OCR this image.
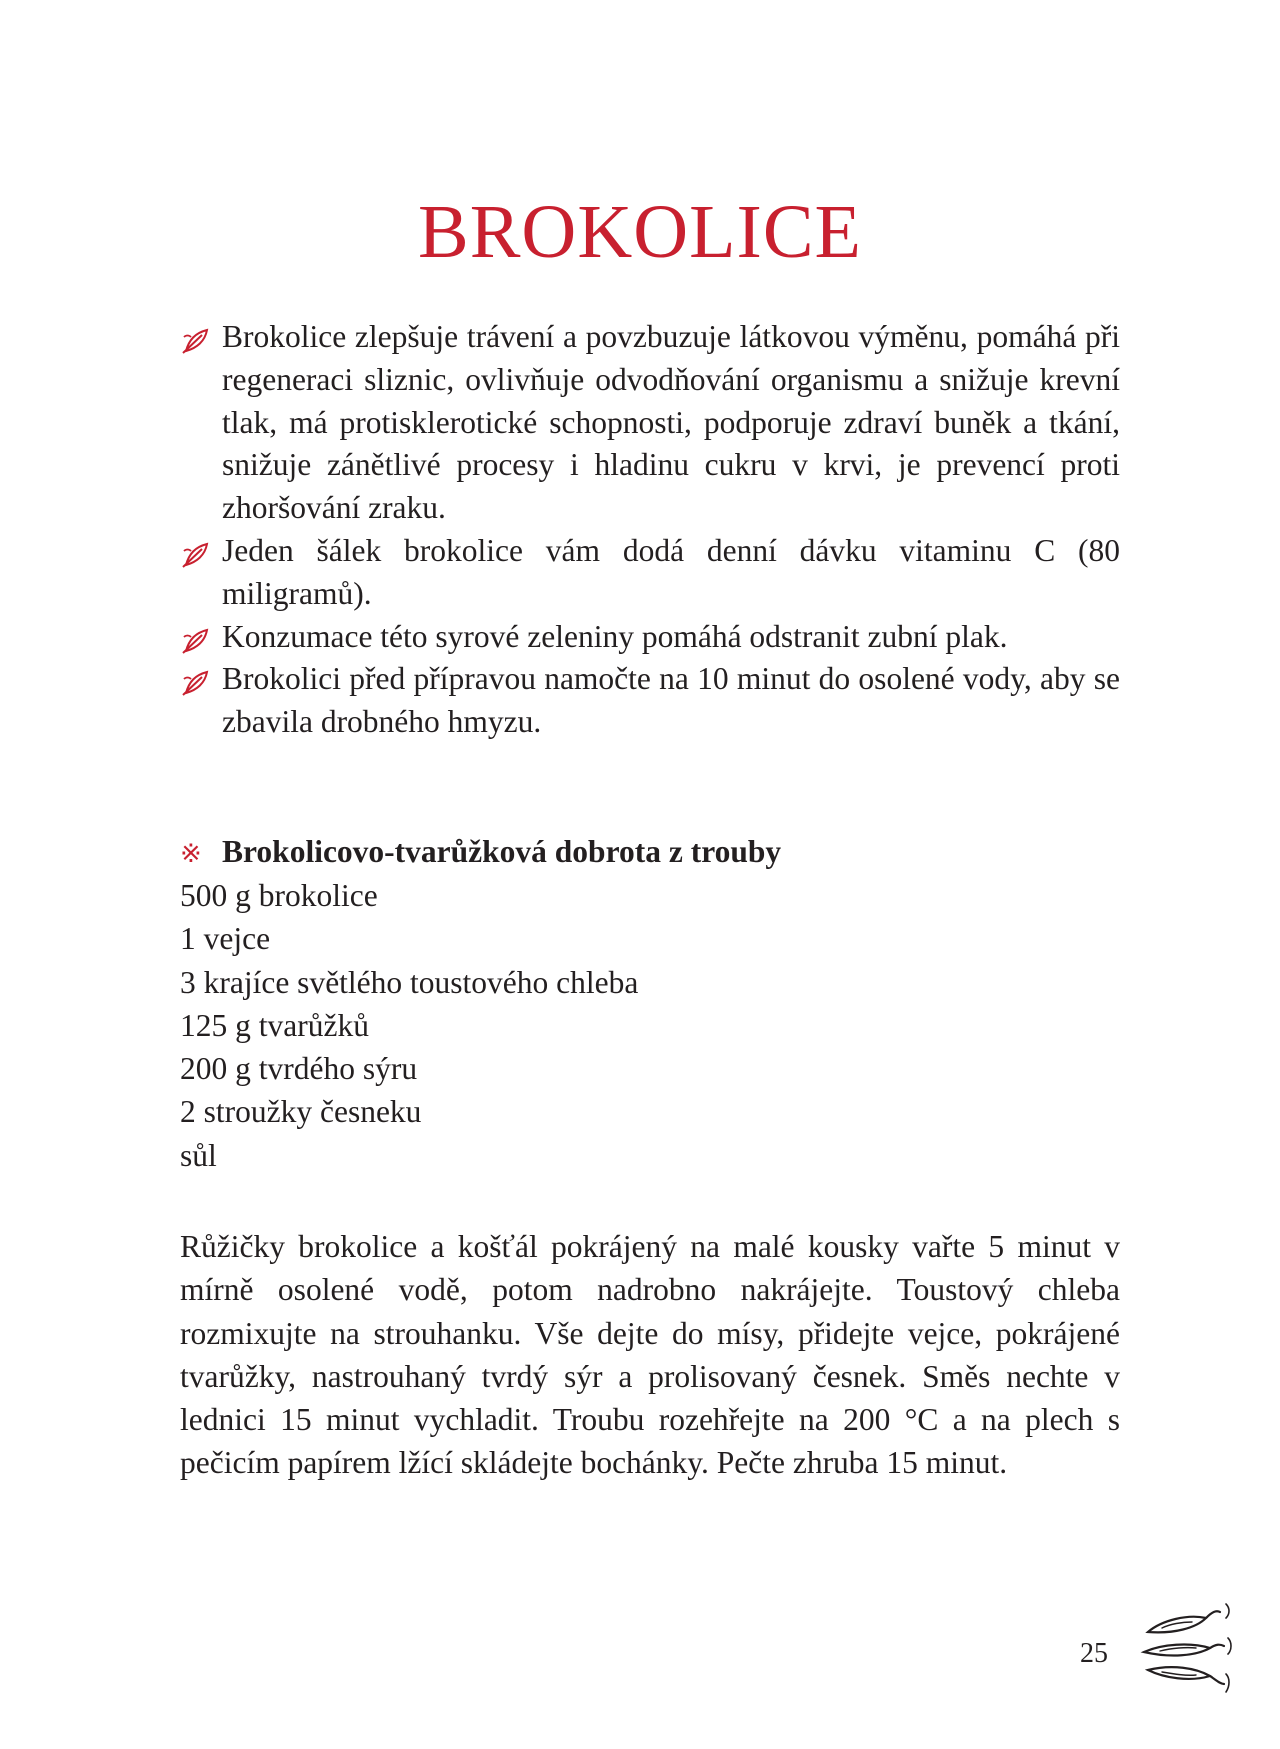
BROKOLICE
Brokolice zlepšuje trávení a povzbuzuje látkovou výměnu, pomáhá při regeneraci sliznic, ovlivňuje odvodňování organismu a snižuje krevní tlak, má protisklerotické schopnosti, podporuje zdraví buněk a tkání, snižuje zánětlivé procesy i hladinu cukru v krvi, je prevencí proti zhoršování zraku.
Jeden šálek brokolice vám dodá denní dávku vitaminu C (80 miligramů).
Konzumace této syrové zeleniny pomáhá odstranit zubní plak.
Brokolici před přípravou namočte na 10 minut do osolené vody, aby se zbavila drobného hmyzu.
※ Brokolicovo-tvarůžková dobrota z trouby
500 g brokolice
1 vejce
3 krajíce světlého toustového chleba
125 g tvarůžků
200 g tvrdého sýru
2 stroužky česneku
sůl

Růžičky brokolice a košťál pokrájený na malé kousky vařte 5 minut v mírně osolené vodě, potom nadrobno nakrájejte. Toustový chleba rozmixujte na strouhanku. Vše dejte do mísy, přidejte vejce, pokrájené tvarůžky, nastrouhaný tvrdý sýr a prolisovaný česnek. Směs nechte v lednici 15 minut vychladit. Troubu rozehřejte na 200 °C a na plech s pečicím papírem lžící skládejte bochánky. Pečte zhruba 15 minut.

25
